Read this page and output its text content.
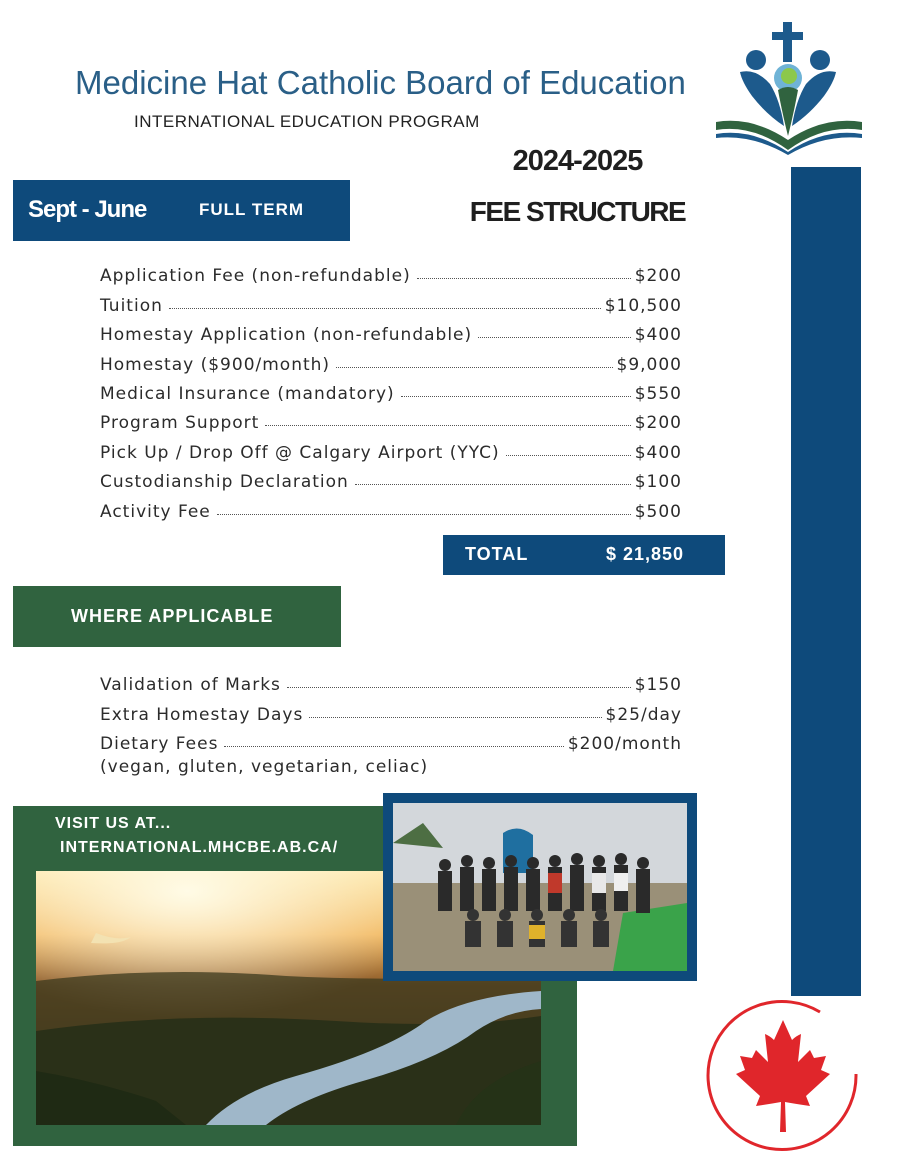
Medicine Hat Catholic Board of Education
INTERNATIONAL EDUCATION PROGRAM
2024-2025
FEE STRUCTURE
Sept - June	FULL TERM
Application Fee (non-refundable)	$200
Tuition	$10,500
Homestay Application (non-refundable)	$400
Homestay ($900/month)	$9,000
Medical Insurance (mandatory)	$550
Program Support	$200
Pick Up / Drop Off @ Calgary Airport (YYC)	$400
Custodianship Declaration	$100
Activity Fee	$500
TOTAL	$ 21,850
WHERE APPLICABLE
Validation of Marks	$150
Extra Homestay Days	$25/day
Dietary Fees	$200/month
(vegan, gluten, vegetarian, celiac)
VISIT US AT...
INTERNATIONAL.MHCBE.AB.CA/
